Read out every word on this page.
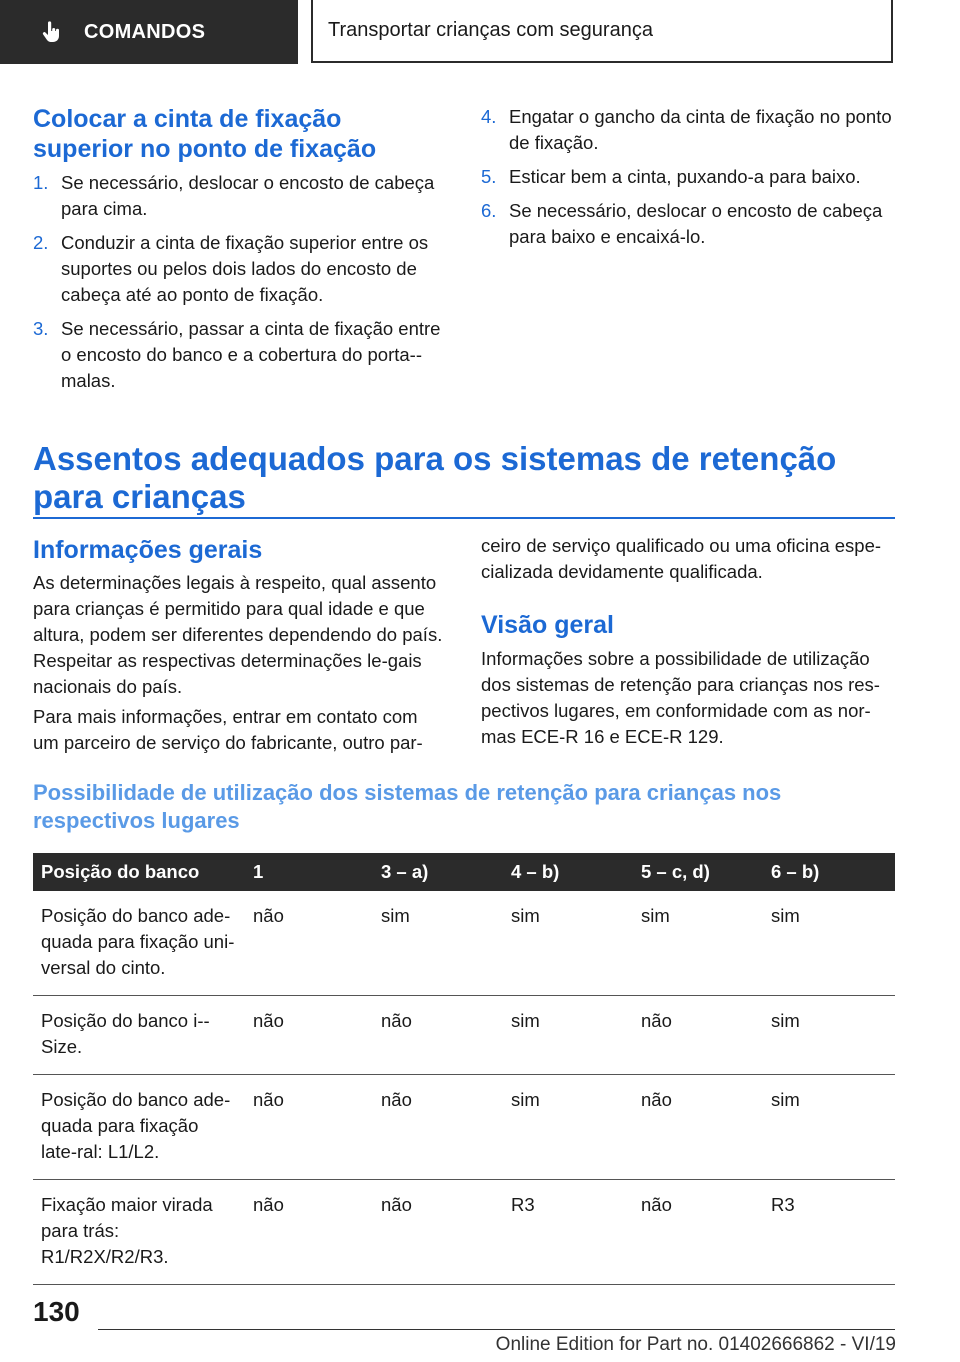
COMANDOS	Transportar crianças com segurança
Colocar a cinta de fixação superior no ponto de fixação
1. Se necessário, deslocar o encosto de cabeça para cima.
2. Conduzir a cinta de fixação superior entre os suportes ou pelos dois lados do encosto de cabeça até ao ponto de fixação.
3. Se necessário, passar a cinta de fixação entre o encosto do banco e a cobertura do porta--malas.
4. Engatar o gancho da cinta de fixação no ponto de fixação.
5. Esticar bem a cinta, puxando-a para baixo.
6. Se necessário, deslocar o encosto de cabeça para baixo e encaixá-lo.
Assentos adequados para os sistemas de retenção para crianças
Informações gerais

As determinações legais à respeito, qual assento para crianças é permitido para qual idade e que altura, podem ser diferentes dependendo do país. Respeitar as respectivas determinações le-gais nacionais do país.

Para mais informações, entrar em contato com um parceiro de serviço do fabricante, outro par-

ceiro de serviço qualificado ou uma oficina espe-cializada devidamente qualificada.

Visão geral

Informações sobre a possibilidade de utilização dos sistemas de retenção para crianças nos res-pectivos lugares, em conformidade com as nor-mas ECE-R 16 e ECE-R 129.

Possibilidade de utilização dos sistemas de retenção para crianças nos respectivos lugares
Posição do banco	1	3 – a)	4 – b)	5 – c, d)	6 – b)
Posição do banco ade-quada para fixação uni-versal do cinto.	não	sim	sim	sim	sim
Posição do banco i--Size.	não	não	sim	não	sim
Posição do banco ade-quada para fixação late-ral: L1/L2.	não	não	sim	não	sim
Fixação maior virada para trás: R1/R2X/R2/R3.	não	não	R3	não	R3
130
Online Edition for Part no. 01402666862 - VI/19
